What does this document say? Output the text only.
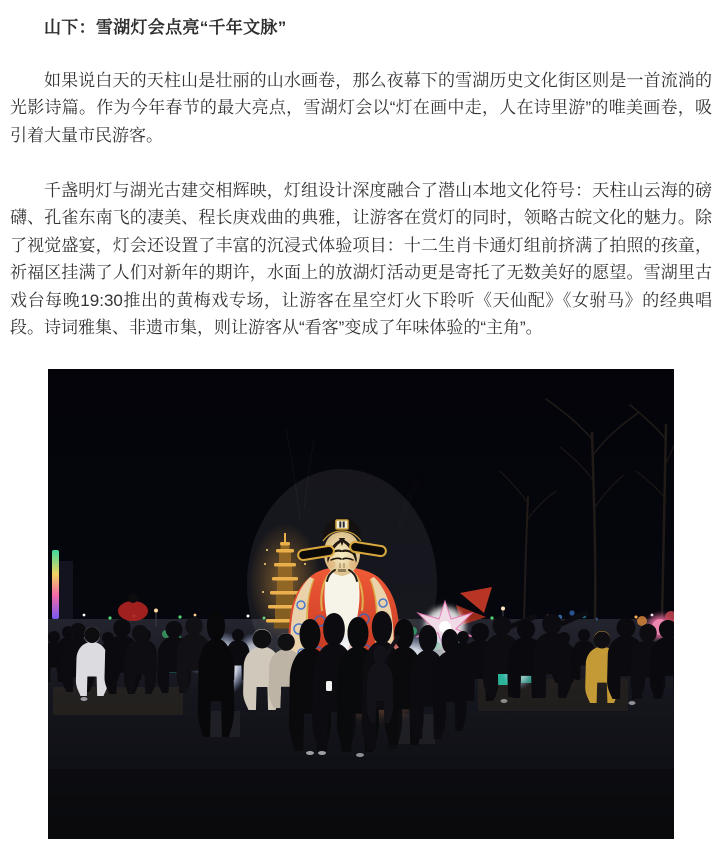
山下：雪湖灯会点亮“千年文脉”

如果说白天的天柱山是壮丽的山水画卷，那么夜幕下的雪湖历史文化街区则是一首流淌的光影诗篇。作为今年春节的最大亮点，雪湖灯会以“灯在画中走，人在诗里游”的唯美画卷，吸引着大量市民游客。

千盏明灯与湖光古建交相辉映，灯组设计深度融合了潜山本地文化符号：天柱山云海的磅礴、孔雀东南飞的凄美、程长庚戏曲的典雅，让游客在赏灯的同时，领略古皖文化的魅力。除了视觉盛宴，灯会还设置了丰富的沉浸式体验项目：十二生肖卡通灯组前挤满了拍照的孩童，祈福区挂满了人们对新年的期许，水面上的放湖灯活动更是寄托了无数美好的愿望。雪湖里古戏台每晚19:30推出的黄梅戏专场，让游客在星空灯火下聆听《天仙配》《女驸马》的经典唱段。诗词雅集、非遗市集，则让游客从“看客”变成了年味体验的“主角”。
